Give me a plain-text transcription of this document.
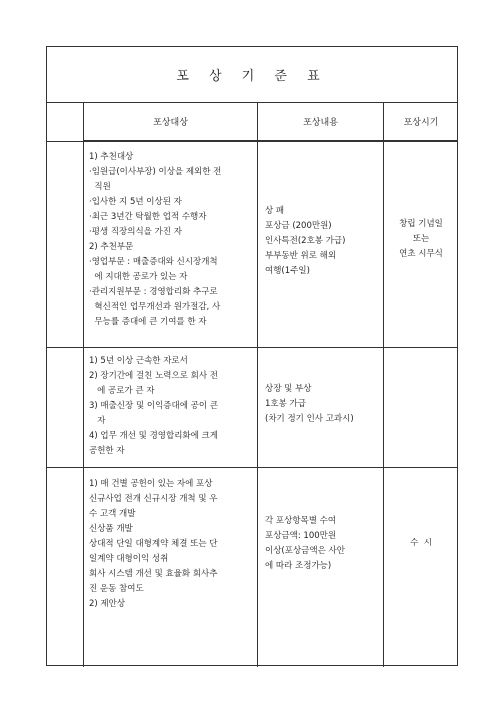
포 상 기 준 표
포상대상	포상내용	포상시기
1) 추천대상
·임원급(이사부장) 이상을 제외한 전
직원
·입사한 지 5년 이상된 자
·최근 3년간 탁월한 업적 수행자
·평생 직장의식을 가진 자
2) 추천부문
·영업부문 : 매출증대와 신시장개척
에 지대한 공로가 있는 자
·관리지원부문 : 경영합리화 추구로
혁신적인 업무개선과 원가절감, 사
무능률 증대에 큰 기여를 한 자
상 패
포상금 (200만원)
인사특전(2호봉 가급)
부부동반 위로 해외
여행(1주일)
창립 기념일
또는
연초 시무식
1) 5년 이상 근속한 자로서
2) 장기간에 걸친 노력으로 회사 전
에 공로가 큰 자
3) 매출신장 및 이익증대에 공이 큰
자
4) 업무 개선 및 경영합리화에 크게
공헌한 자
상장 및 부상
1호봉 가급
(차기 정기 인사 고과시)
1) 매 건별 공헌이 있는 자에 포상
신규사업 전개 신규시장 개척 및 우
수 고객 개발
신상품 개발
상대적 단일 대형계약 체결 또는 단
일계약 대형이익 성취
회사 시스템 개선 및 효율화 회사추
진 운동 참여도
2) 제안상
각 포상항목별 수여
포상금액: 100만원
이상(포상금액은 사안
에 따라 조정가능)
수  시
